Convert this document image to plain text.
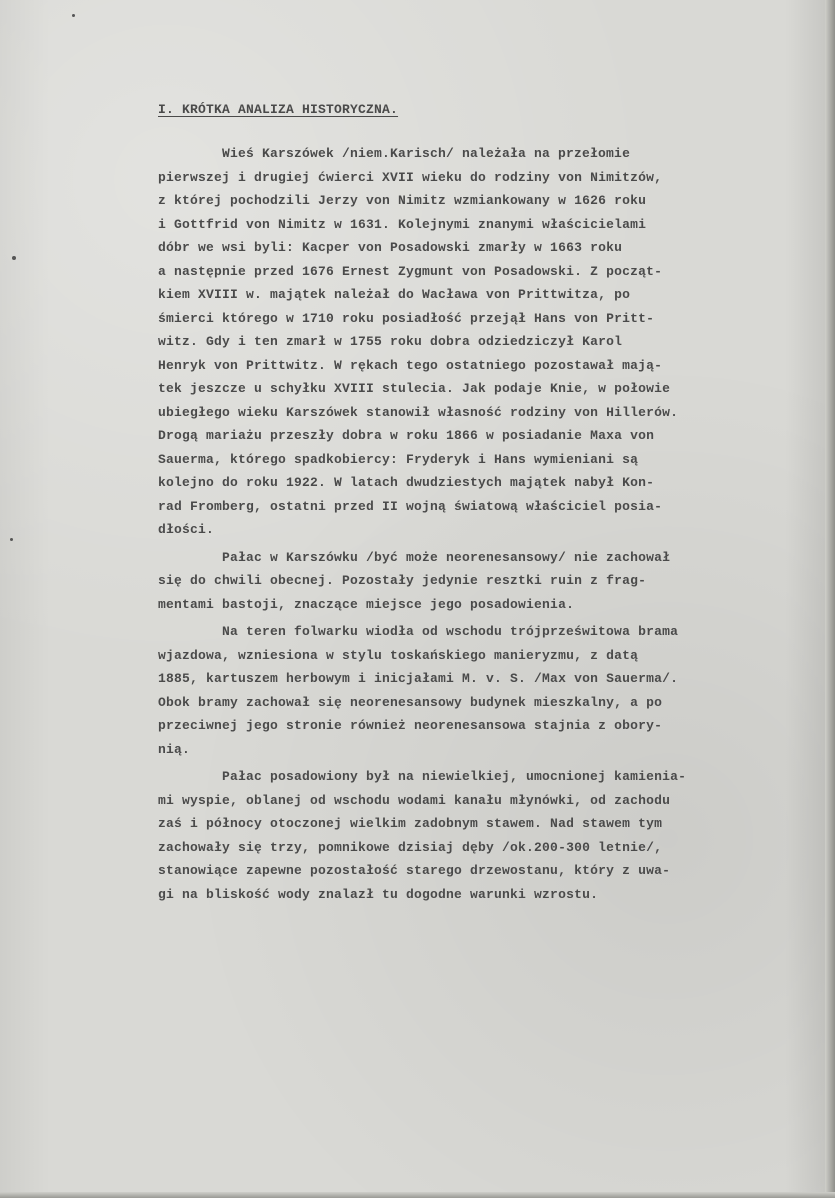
I. KRÓTKA ANALIZA HISTORYCZNA.
Wieś Karszówek /niem.Karisch/ należała na przełomie
pierwszej i drugiej ćwierci XVII wieku do rodziny von Nimitzów,
z której pochodzili Jerzy von Nimitz wzmiankowany w 1626 roku
i Gottfrid von Nimitz w 1631. Kolejnymi znanymi właścicielami
dóbr we wsi byli: Kacper von Posadowski zmarły w 1663 roku
a następnie przed 1676 Ernest Zygmunt von Posadowski. Z począt-
kiem XVIII w. majątek należał do Wacława von Prittwitza, po
śmierci którego w 1710 roku posiadłość przejął Hans von Pritt-
witz. Gdy i ten zmarł w 1755 roku dobra odziedziczył Karol
Henryk von Prittwitz. W rękach tego ostatniego pozostawał mają-
tek jeszcze u schyłku XVIII stulecia. Jak podaje Knie, w połowie
ubiegłego wieku Karszówek stanowił własność rodziny von Hillerów.
Drogą mariażu przeszły dobra w roku 1866 w posiadanie Maxa von
Sauerma, którego spadkobiercy: Fryderyk i Hans wymieniani są
kolejno do roku 1922. W latach dwudziestych majątek nabył Kon-
rad Fromberg, ostatni przed II wojną światową właściciel posia-
dłości.
Pałac w Karszówku /być może neorenesansowy/ nie zachował
się do chwili obecnej. Pozostały jedynie resztki ruin z frag-
mentami bastoji, znaczące miejsce jego posadowienia.
Na teren folwarku wiodła od wschodu trójprześwitowa brama
wjazdowa, wzniesiona w stylu toskańskiego manieryzmu, z datą
1885, kartuszem herbowym i inicjałami M. v. S. /Max von Sauerma/.
Obok bramy zachował się neorenesansowy budynek mieszkalny, a po
przeciwnej jego stronie również neorenesansowa stajnia z obory-
nią.
Pałac posadowiony był na niewielkiej, umocnionej kamienia-
mi wyspie, oblanej od wschodu wodami kanału młynówki, od zachodu
zaś i północy otoczonej wielkim zadobnym stawem. Nad stawem tym
zachowały się trzy, pomnikowe dzisiaj dęby /ok.200-300 letnie/,
stanowiące zapewne pozostałość starego drzewostanu, który z uwa-
gi na bliskość wody znalazł tu dogodne warunki wzrostu.
